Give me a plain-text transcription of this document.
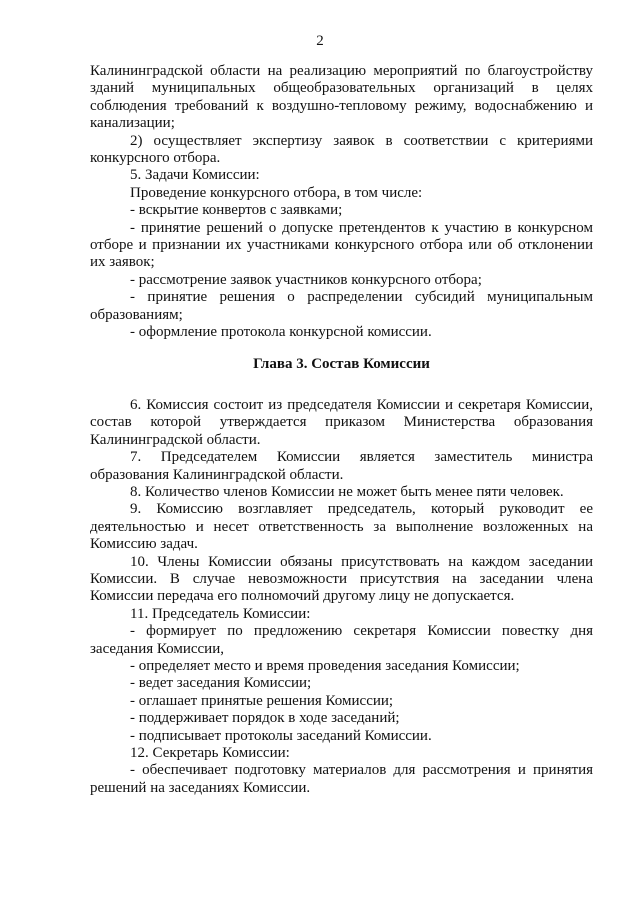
2

Калининградской области на реализацию мероприятий по благоустройству зданий муниципальных общеобразовательных организаций в целях соблюдения требований к воздушно-тепловому режиму, водоснабжению и канализации;

2) осуществляет экспертизу заявок в соответствии с критериями конкурсного отбора.

5. Задачи Комиссии:

Проведение конкурсного отбора, в том числе:

- вскрытие конвертов с заявками;

- принятие решений о допуске претендентов к участию в конкурсном отборе и признании их участниками конкурсного отбора или об отклонении их заявок;

- рассмотрение заявок участников конкурсного отбора;

- принятие решения о распределении субсидий муниципальным образованиям;

- оформление протокола конкурсной комиссии.

Глава 3. Состав Комиссии

6. Комиссия состоит из председателя Комиссии и секретаря Комиссии, состав которой утверждается приказом Министерства образования Калининградской области.

7. Председателем Комиссии является заместитель министра образования Калининградской области.

8. Количество членов Комиссии не может быть менее пяти человек.

9. Комиссию возглавляет председатель, который руководит ее деятельностью и несет ответственность за выполнение возложенных на Комиссию задач.

10. Члены Комиссии обязаны присутствовать на каждом заседании Комиссии. В случае невозможности присутствия на заседании члена Комиссии передача его полномочий другому лицу не допускается.

11. Председатель Комиссии:

- формирует по предложению секретаря Комиссии повестку дня заседания Комиссии,

- определяет место и время проведения заседания Комиссии;

- ведет заседания Комиссии;

- оглашает принятые решения Комиссии;

- поддерживает порядок в ходе заседаний;

- подписывает протоколы заседаний Комиссии.

12. Секретарь Комиссии:

- обеспечивает подготовку материалов для рассмотрения и принятия решений на заседаниях Комиссии.
